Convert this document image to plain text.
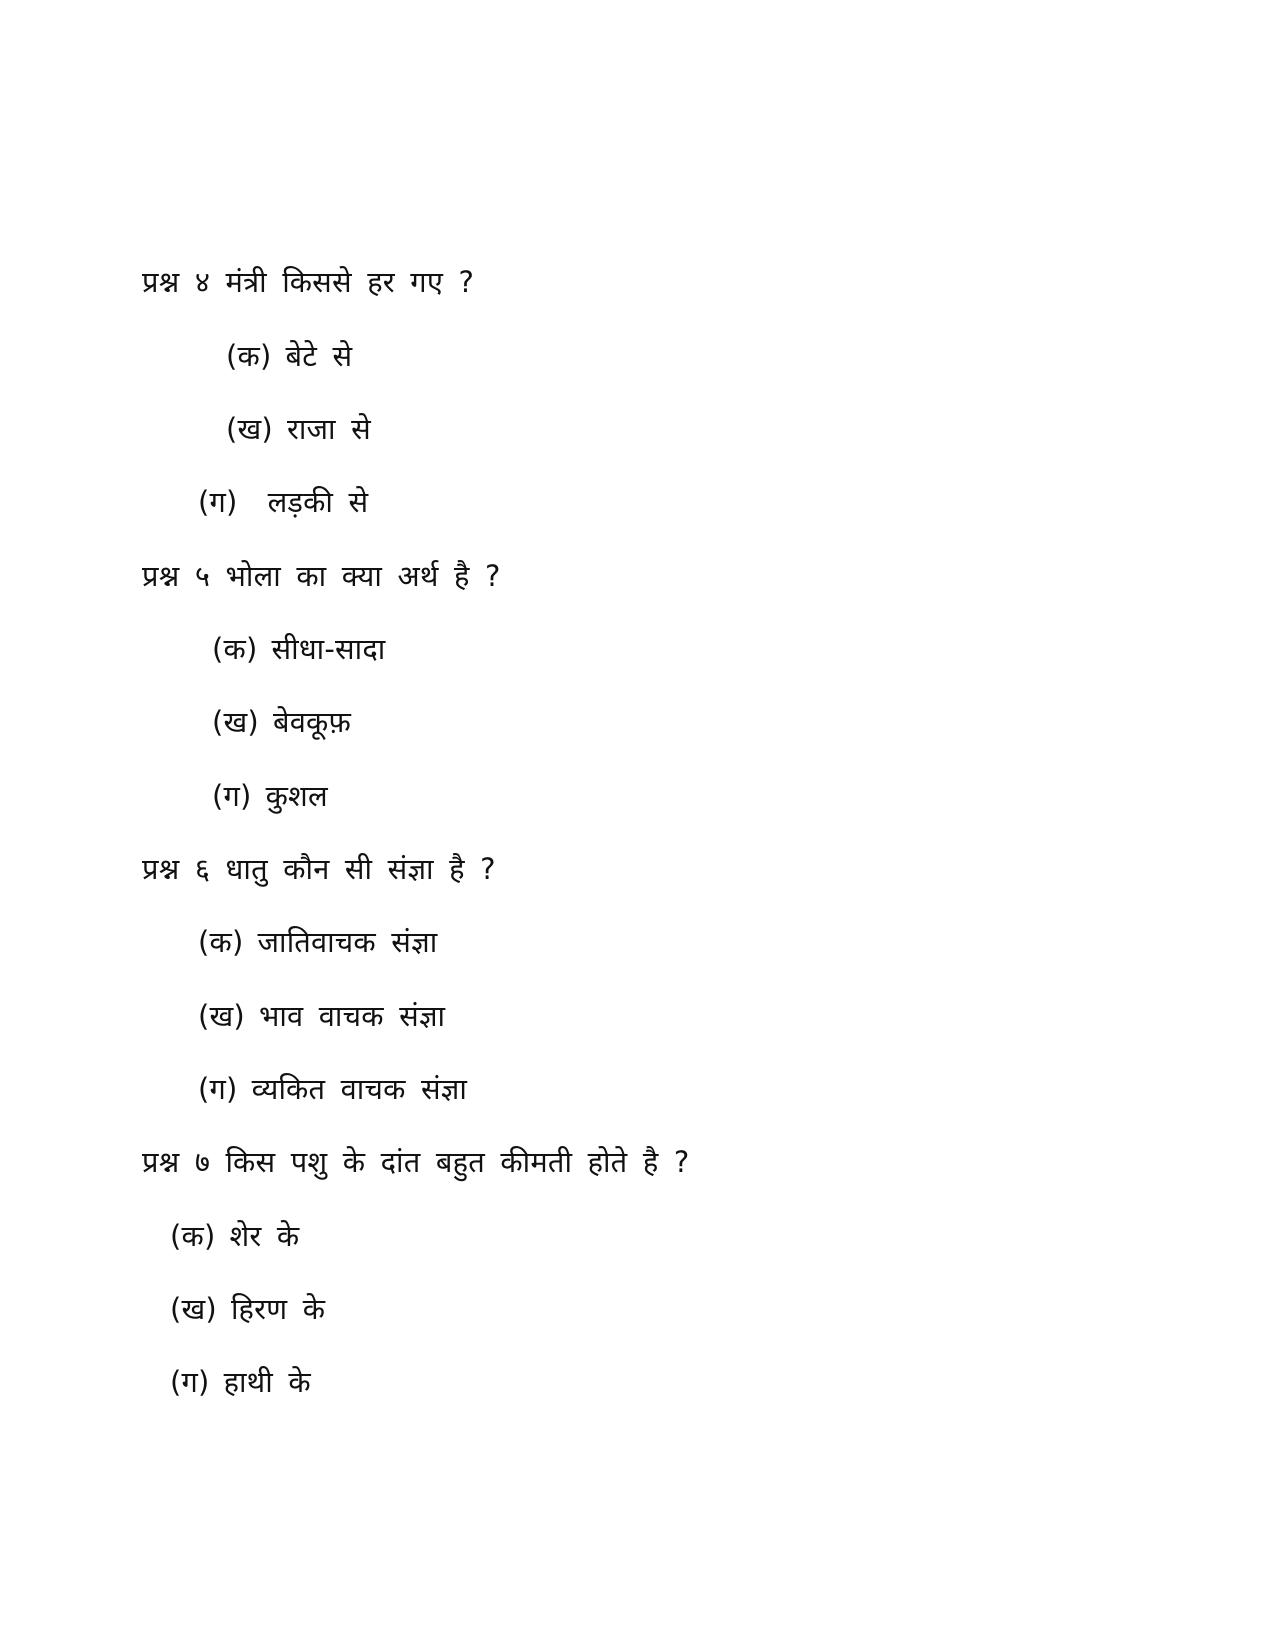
प्रश्न ४ मंत्री किससे हर गए ?
(क) बेटे से
(ख) राजा से
(ग) लड़की से
प्रश्न ५ भोला का क्या अर्थ है ?
(क) सीधा-सादा
(ख) बेवकूफ़
(ग) कुशल
प्रश्न ६ धातु कौन सी संज्ञा है ?
(क) जातिवाचक संज्ञा
(ख) भाव वाचक संज्ञा
(ग) व्यकित वाचक संज्ञा
प्रश्न ७ किस पशु के दांत बहुत कीमती होते है ?
(क) शेर के
(ख) हिरण के
(ग) हाथी के
